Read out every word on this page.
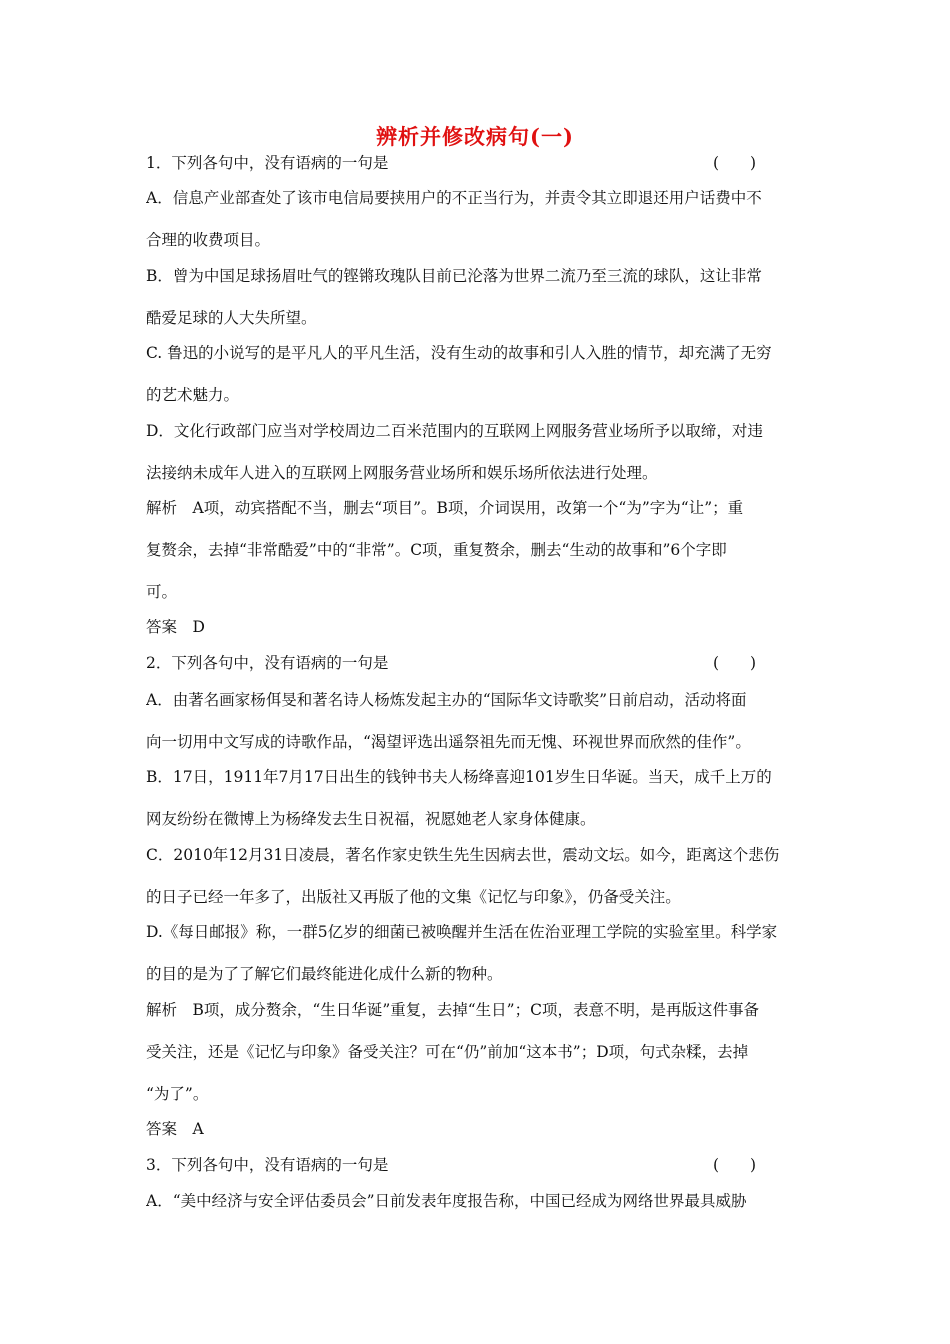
辨析并修改病句(一)
1．下列各句中，没有语病的一句是	(　　)
A．信息产业部查处了该市电信局要挟用户的不正当行为，并责令其立即退还用户话费中不
合理的收费项目。
B．曾为中国足球扬眉吐气的铿锵玫瑰队目前已沦落为世界二流乃至三流的球队，这让非常
酷爱足球的人大失所望。
C. 鲁迅的小说写的是平凡人的平凡生活，没有生动的故事和引人入胜的情节，却充满了无穷
的艺术魅力。
D．文化行政部门应当对学校周边二百米范围内的互联网上网服务营业场所予以取缔，对违
法接纳未成年人进入的互联网上网服务营业场所和娱乐场所依法进行处理。
解析　A项，动宾搭配不当，删去“项目”。B项，介词误用，改第一个“为”字为“让”；重
复赘余，去掉“非常酷爱”中的“非常”。C项，重复赘余，删去“生动的故事和”6个字即
可。
答案　D
2．下列各句中，没有语病的一句是	(　　)
A．由著名画家杨佴旻和著名诗人杨炼发起主办的“国际华文诗歌奖”日前启动，活动将面
向一切用中文写成的诗歌作品，“渴望评选出遥祭祖先而无愧、环视世界而欣然的佳作”。
B．17日，1911年7月17日出生的钱钟书夫人杨绛喜迎101岁生日华诞。当天，成千上万的
网友纷纷在微博上为杨绛发去生日祝福，祝愿她老人家身体健康。
C．2010年12月31日凌晨，著名作家史铁生先生因病去世，震动文坛。如今，距离这个悲伤
的日子已经一年多了，出版社又再版了他的文集《记忆与印象》，仍备受关注。
D.《每日邮报》称，一群5亿岁的细菌已被唤醒并生活在佐治亚理工学院的实验室里。科学家
的目的是为了了解它们最终能进化成什么新的物种。
解析　B项，成分赘余，“生日华诞”重复，去掉“生日”；C项，表意不明，是再版这件事备
受关注，还是《记忆与印象》备受关注？可在“仍”前加“这本书”；D项，句式杂糅，去掉
“为了”。
答案　A
3．下列各句中，没有语病的一句是	(　　)
A．“美中经济与安全评估委员会”日前发表年度报告称，中国已经成为网络世界最具威胁
